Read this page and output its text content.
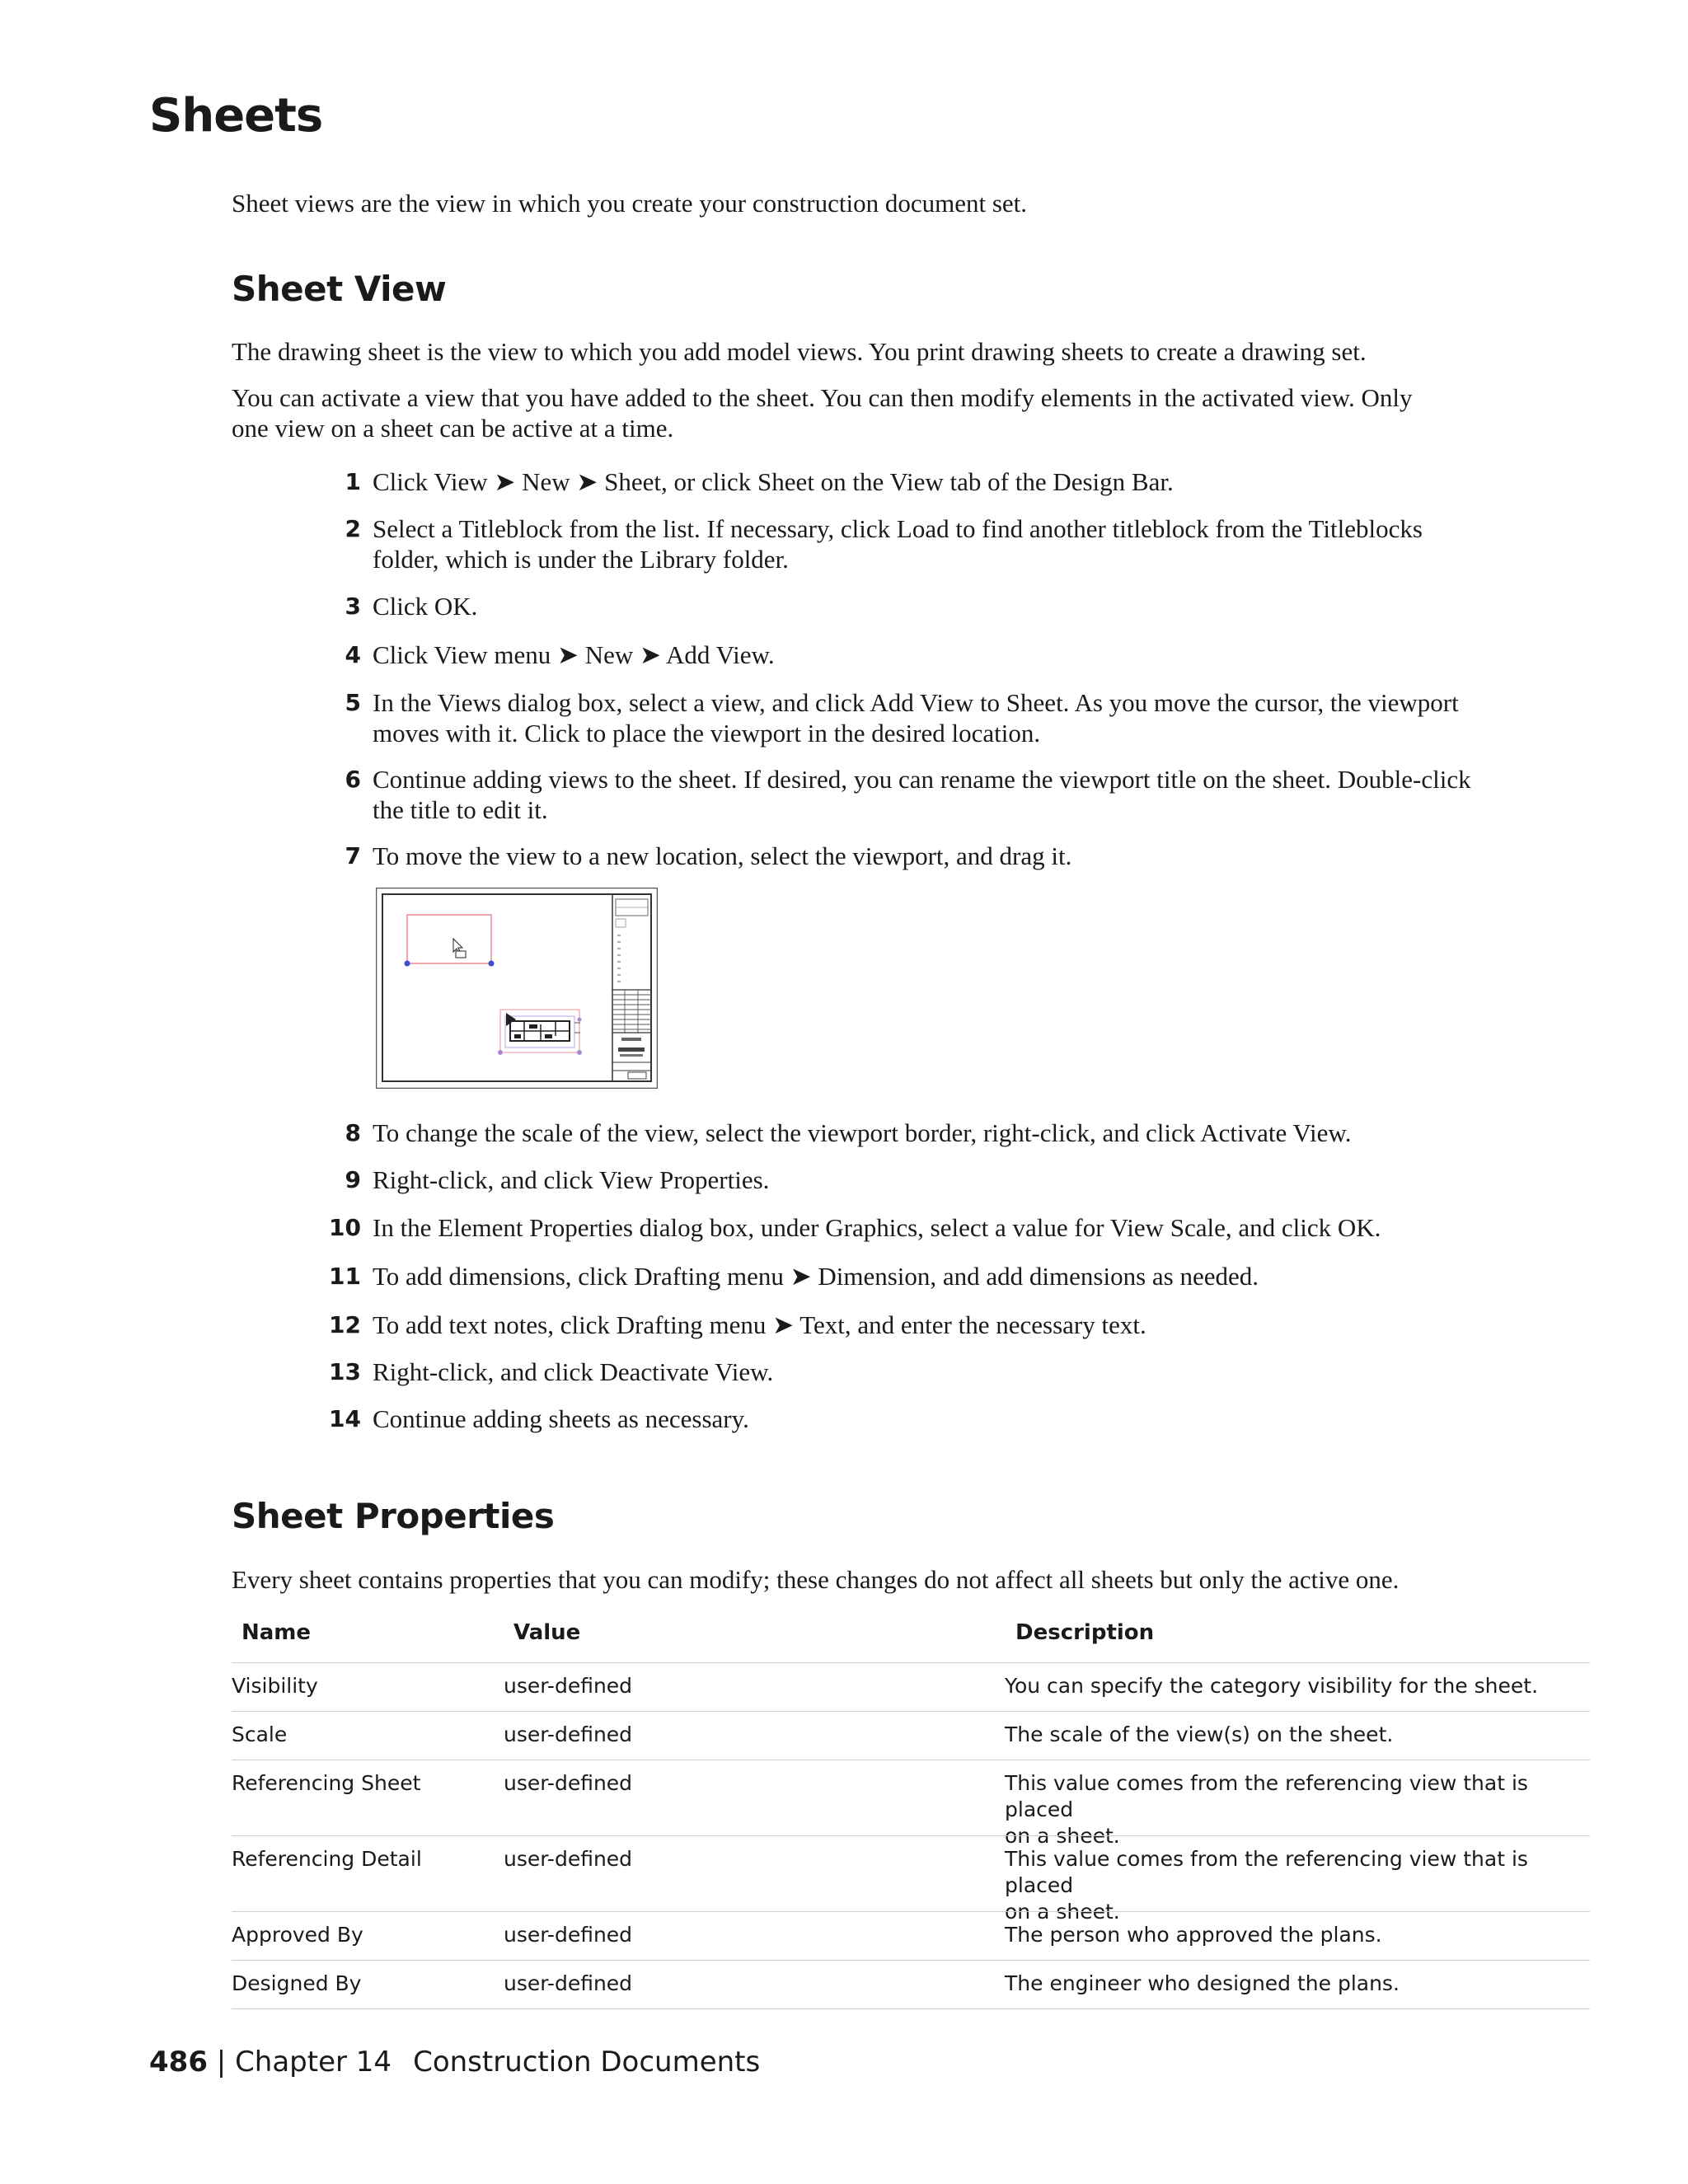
Sheets
Sheet views are the view in which you create your construction document set.
Sheet View
The drawing sheet is the view to which you add model views. You print drawing sheets to create a drawing set.
You can activate a view that you have added to the sheet. You can then modify elements in the activated view. Only
one view on a sheet can be active at a time.
1 Click View ➤ New ➤ Sheet, or click Sheet on the View tab of the Design Bar.
2 Select a Titleblock from the list. If necessary, click Load to find another titleblock from the Titleblocks
folder, which is under the Library folder.
3 Click OK.
4 Click View menu ➤ New ➤ Add View.
5 In the Views dialog box, select a view, and click Add View to Sheet. As you move the cursor, the viewport
moves with it. Click to place the viewport in the desired location.
6 Continue adding views to the sheet. If desired, you can rename the viewport title on the sheet. Double-click
the title to edit it.
7 To move the view to a new location, select the viewport, and drag it.
8 To change the scale of the view, select the viewport border, right-click, and click Activate View.
9 Right-click, and click View Properties.
10 In the Element Properties dialog box, under Graphics, select a value for View Scale, and click OK.
11 To add dimensions, click Drafting menu ➤ Dimension, and add dimensions as needed.
12 To add text notes, click Drafting menu ➤ Text, and enter the necessary text.
13 Right-click, and click Deactivate View.
14 Continue adding sheets as necessary.
Sheet Properties
Every sheet contains properties that you can modify; these changes do not affect all sheets but only the active one.
Name	Value	Description
Visibility	user-defined	You can specify the category visibility for the sheet.
Scale	user-defined	The scale of the view(s) on the sheet.
Referencing Sheet	user-defined	This value comes from the referencing view that is placed
on a sheet.
Referencing Detail	user-defined	This value comes from the referencing view that is placed
on a sheet.
Approved By	user-defined	The person who approved the plans.
Designed By	user-defined	The engineer who designed the plans.
486 | Chapter 14 Construction Documents
